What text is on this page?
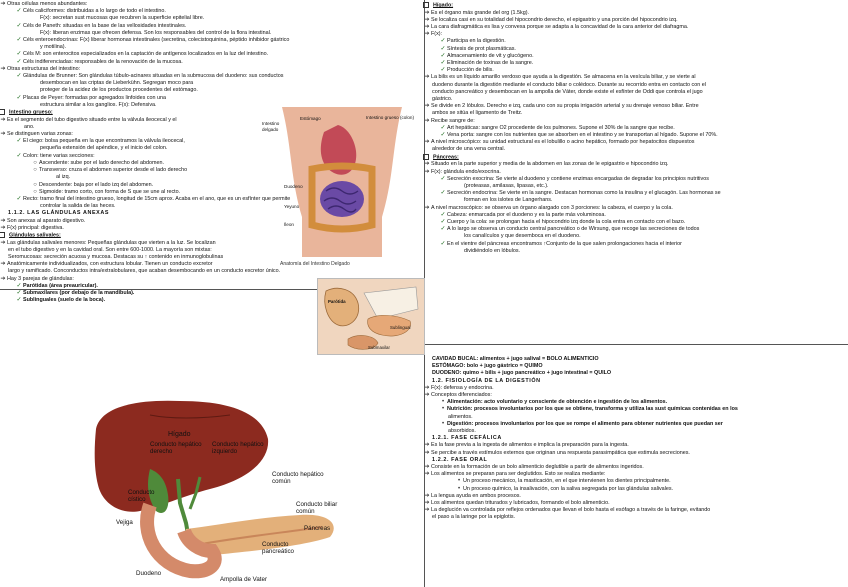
➔Otras células menos abundantes:
✓Céls caliciformes: distribuidas a lo largo de todo el intestino.
F(x): secretan sust mucosas que recubren la superficie epitelial libre.
✓Céls de Paneth: situadas en la base de las vellosidades intestinales.
F(x): liberan enzimas que ofrecen defensa. Son los responsables del control de la flora intestinal.
✓Céls enteroendocrinas: F(x) liberar hormonas intestinales (secretina, colecistoquinina, péptido inhibidor gástrico
y motilina).
✓Céls M: son enterocitos especializados en la captación de antígenos localizados en la luz del intestino.
✓Céls indiferenciadas: responsables de la renovación de la mucosa.
➔Otras estructuras del intestino:
✓Glándulas de Brunner: Son glándulas túbulo-acinares situadas en la submucosa del duodeno: sus conductos
desembocan en las criptas de Lieberkühn. Segregan moco para
proteger de la acidez de los productos procedentes del estómago.
✓Placas de Peyer: formadas por agregados linfoides con una
estructura similar a los ganglios. F(x): Defensiva.
Intestino grueso:
➔Es el segmento del tubo digestivo situado entre la válvula ileocecal y el
ano.
➔Se distinguen varias zonas:
✓El ciego: bolsa pequeña en la que encontramos la válvula ileocecal,
pequeña extensión del apéndice, y el inicio del colon.
✓Colon: tiene varias secciones:
○ Ascendente: sube por el lado derecho del abdomen.
○ Transverso: cruza el abdomen superior desde el lado derecho
al izq.
○ Descendente: baja por el lado izq del abdomen.
○ Sigmoide: tramo corto, con forma de S que se une al recto.
✓Recto: tramo final del intestino grueso, longitud de 15cm aprox. Acaba en el ano, que es un esfínter que permite
controlar la salida de las heces.
1.1.2. LAS GLÁNDULAS ANEXAS
➔Son anexas al aparato digestivo.
➔F(x) principal: digestiva.
Glándulas salivales:
➔Las glándulas salivales menores: Pequeñas glándulas que vierten a la luz. Se localizan
en el tubo digestivo y en la cavidad oral. Son entre 600-1000. La mayoría son mixtas:
Seromucosas: secreción acuosa y mucosa. Destacas su ↑ contenido en inmunoglobulinas
➔Anatómicamente individualizados, con estructura lobular. Tienen un conducto excretor
largo y ramificado. Conconductos intra/extralobulares, que acaban desembocando en un conducto excretor único.
➔Hay 3 parejas de glándulas:
✓Parótidas (área preauricular).
✓Submaxilares (por debajo de la mandíbula).
✓Sublinguales (suelo de la boca).
Estómago
Intestino delgado
Intestino grueso (colon)
Duodeno
Yeyuno
Íleon
Anatomía del Intestino Delgado
Parótida
Submaxilar
Sublingual
Hígado
Conducto hepático derecho
Conducto hepático izquierdo
Conducto hepático común
Conducto cístico
Conducto biliar común
Vejiga
Páncreas
Conducto pancreático
Duodeno
Ampolla de Vater
Hígado:
➔Es el órgano más grande del org (1.5kg).
➔Se localiza casi en su totalidad del hipocondrio derecho, el epigastrio y una porción del hipocondrio izq.
➔La cara diafragmática es lisa y convexa porque se adapta a la concavidad de la cara anterior del diafragma.
➔F(x):
✓Participa en la digestión.
✓Síntesis de prot plasmáticas.
✓Almacenamiento de vit y glucógeno.
✓Eliminación de toxinas de la sangre.
✓Producción de bilis.
➔La bilis es un líquido amarillo verdoso que ayuda a la digestión. Se almacena en la vesícula biliar, y se vierte al
duodeno durante la digestión mediante el conducto biliar o colédoco. Durante su recorrido entra en contacto con el
conducto pancreático y desembocan en la ampolla de Váter, donde existe el esfínter de Oddi que controla el jugo
gástrico.
➔Se divide en 2 lóbulos. Derecho e izq, cada uno con su propia irrigación arterial y su drenaje venoso biliar. Entre
ambos se sitúa el ligamento de Treitz.
➔Recibe sangre de:
✓Art hepáticas: sangre O2 procedente de los pulmones. Supone el 30% de la sangre que recibe.
✓Vena porta: sangre con los nutrientes que se absorben en el intestino y se transportan al hígado. Supone el 70%.
➔A nivel microscópico: su unidad estructural es el lobulillo o acino hepático, formado por hepatocitos dispuestos
alrededor de una vena central.
Páncreas:
➔Situado en la parte superior y media de la abdomen en las zonas de le epigastrio e hipocondrio izq.
➔F(x): glándula endo/exocrina.
✓Secreción exocrina: Se vierte al duodeno y contiene enzimas encargadas de degradar los principios nutritivos
(proteasas, amilasas, lipasas, etc.).
✓Secreción endocrina: Se vierte en la sangre. Destacan hormonas como la insulina y el glucagón. Las hormonas se
forman en los islotes de Langerhans.
➔A nivel macroscópico: se observa un órgano alargado con 3 porciones: la cabeza, el cuerpo y la cola.
✓Cabeza: enmarcada por el duodeno y es la parte más voluminosa.
✓Cuerpo y la cola: se prolongan hacia el hipocondrio izq donde la cola entra en contacto con el bazo.
✓A lo largo se observa un conducto central pancreático o de Wirsung, que recoge las secreciones de todos
los canalículos y que desemboca en el duodeno.
✓En el vientre del páncreas encontramos ↑Conjunto de la que salen prolongaciones hacia el interior
dividiéndolo en lóbulos.
CAVIDAD BUCAL: alimentos + jugo salival = BOLO ALIMENTICIO
ESTÓMAGO: bolo + jugo gástrico = QUIMO
DUODENO: quimo + bilis + jugo pancreático + jugo intestinal = QUILO
1.2. FISIOLOGÍA DE LA DIGESTIÓN
➔F(x): defensa y endocrina.
➔Conceptos diferenciados:
• Alimentación: acto voluntario y consciente de obtención e ingestión de los alimentos.
• Nutrición: procesos involuntarios por los que se obtiene, transforma y utiliza las sust químicas contenidas en los
alimentos.
• Digestión: procesos involuntarios por los que se rompe el alimento para obtener nutrientes que puedan ser
absorbidos.
1.2.1. FASE CEFÁLICA
➔Es la fase previa a la ingesta de alimentos e implica la preparación para la ingesta.
➔Se percibe a través estímulos externos que originan una respuesta parasimpática que estimula secreciones.
1.2.2. FASE ORAL
➔Consiste en la formación de un bolo alimenticio deglutible a partir de alimentos ingeridos.
➔Los alimentos se preparan para ser deglutidos. Esto se realiza mediante:
• Un proceso mecánico, la masticación, en el que intervienen los dientes principalmente.
• Un proceso químico, la insalivación, con la saliva segregada por las glándulas salivales.
➔La lengua ayuda en ambos procesos.
➔Los alimentos quedan triturados y lubricados, formando el bolo alimenticio.
➔La deglución va controlada por reflejos ordenados que llevan el bolo hasta el esófago a través de la faringe, evitando
el paso a la laringe por la epiglotis.
